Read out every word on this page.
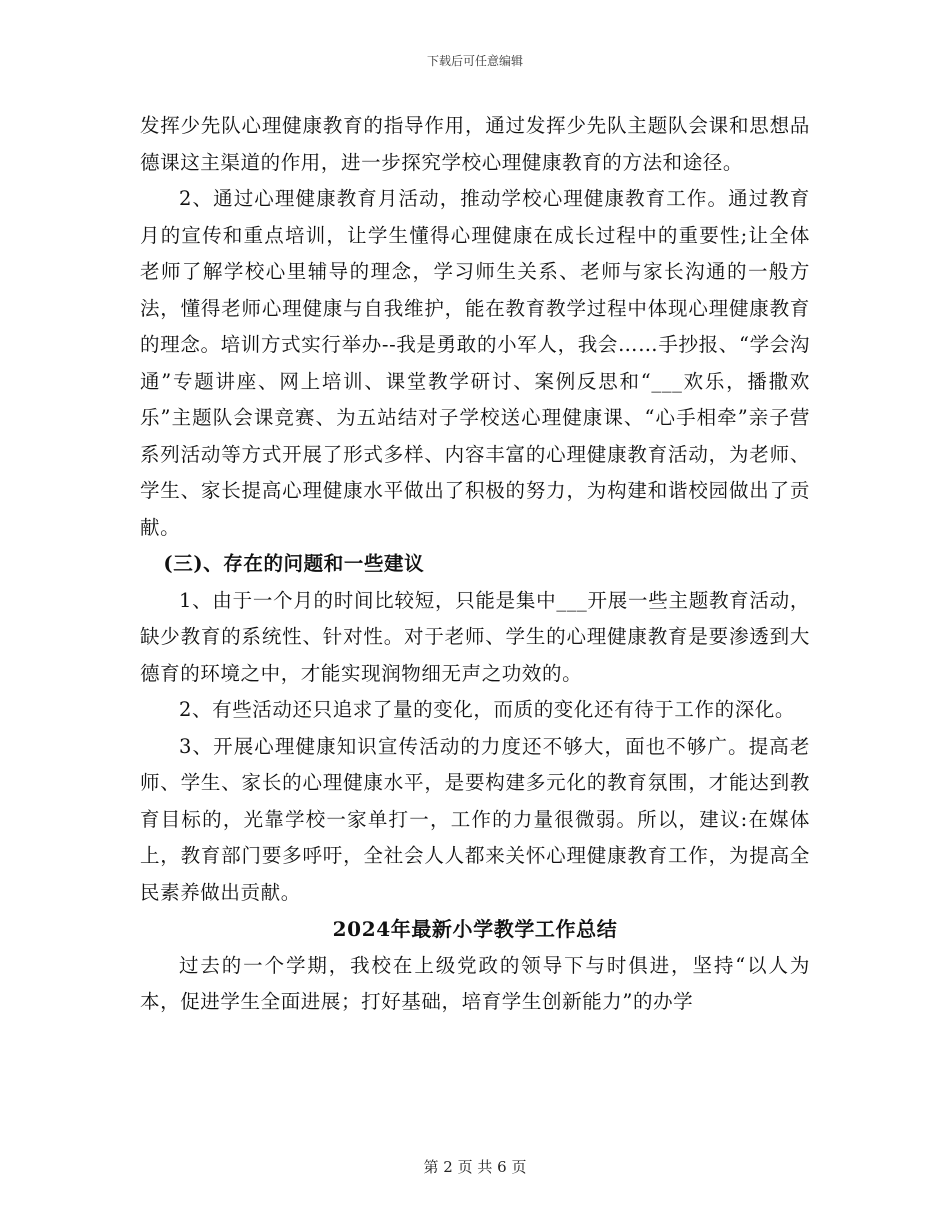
下载后可任意编辑

发挥少先队心理健康教育的指导作用，通过发挥少先队主题队会课和思想品德课这主渠道的作用，进一步探究学校心理健康教育的方法和途径。

2、通过心理健康教育月活动，推动学校心理健康教育工作。通过教育月的宣传和重点培训，让学生懂得心理健康在成长过程中的重要性;让全体老师了解学校心里辅导的理念，学习师生关系、老师与家长沟通的一般方法，懂得老师心理健康与自我维护，能在教育教学过程中体现心理健康教育的理念。培训方式实行举办--我是勇敢的小军人，我会……手抄报、“学会沟通”专题讲座、网上培训、课堂教学研讨、案例反思和“___欢乐，播撒欢乐”主题队会课竞赛、为五站结对子学校送心理健康课、“心手相牵”亲子营系列活动等方式开展了形式多样、内容丰富的心理健康教育活动，为老师、学生、家长提高心理健康水平做出了积极的努力，为构建和谐校园做出了贡献。

(三)、存在的问题和一些建议

1、由于一个月的时间比较短，只能是集中___开展一些主题教育活动，缺少教育的系统性、针对性。对于老师、学生的心理健康教育是要渗透到大德育的环境之中，才能实现润物细无声之功效的。

2、有些活动还只追求了量的变化，而质的变化还有待于工作的深化。

3、开展心理健康知识宣传活动的力度还不够大，面也不够广。提高老师、学生、家长的心理健康水平，是要构建多元化的教育氛围，才能达到教育目标的，光靠学校一家单打一，工作的力量很微弱。所以，建议:在媒体上，教育部门要多呼吁，全社会人人都来关怀心理健康教育工作，为提高全民素养做出贡献。

2024年最新小学教学工作总结

过去的一个学期，我校在上级党政的领导下与时俱进，坚持“以人为本，促进学生全面进展；打好基础，培育学生创新能力”的办学

第 2 页 共 6 页
